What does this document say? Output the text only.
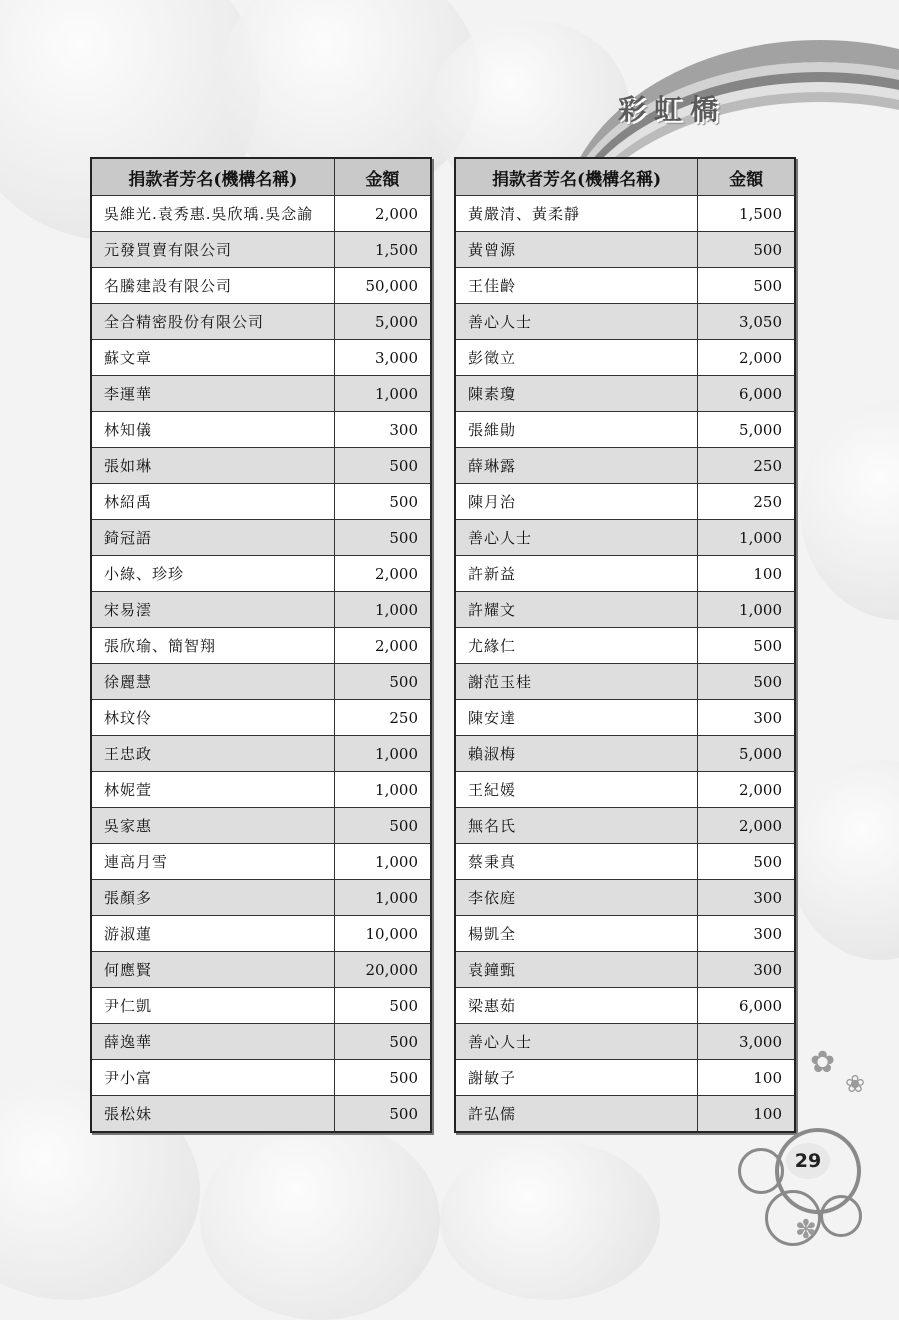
彩虹橋
捐款者芳名(機構名稱)	金額
吳維光.袁秀惠.吳欣瑀.吳念諭	2,000
元發買賣有限公司	1,500
名騰建設有限公司	50,000
全合精密股份有限公司	5,000
蘇文章	3,000
李運華	1,000
林知儀	300
張如琳	500
林紹禹	500
錡冠語	500
小綠、珍珍	2,000
宋易澐	1,000
張欣瑜、簡智翔	2,000
徐麗慧	500
林玟伶	250
王忠政	1,000
林妮萱	1,000
吳家惠	500
連高月雪	1,000
張顏多	1,000
游淑蓮	10,000
何應賢	20,000
尹仁凱	500
薛逸華	500
尹小富	500
張松妹	500
捐款者芳名(機構名稱)	金額
黃嚴清、黃柔靜	1,500
黃曾源	500
王佳齡	500
善心人士	3,050
彭徵立	2,000
陳素瓊	6,000
張維勛	5,000
薛琳露	250
陳月治	250
善心人士	1,000
許新益	100
許耀文	1,000
尤緣仁	500
謝范玉桂	500
陳安達	300
賴淑梅	5,000
王紀媛	2,000
無名氏	2,000
蔡秉真	500
李依庭	300
楊凱全	300
袁鐘甄	300
梁惠茹	6,000
善心人士	3,000
謝敏子	100
許弘儒	100
29
✿
❀
✽
